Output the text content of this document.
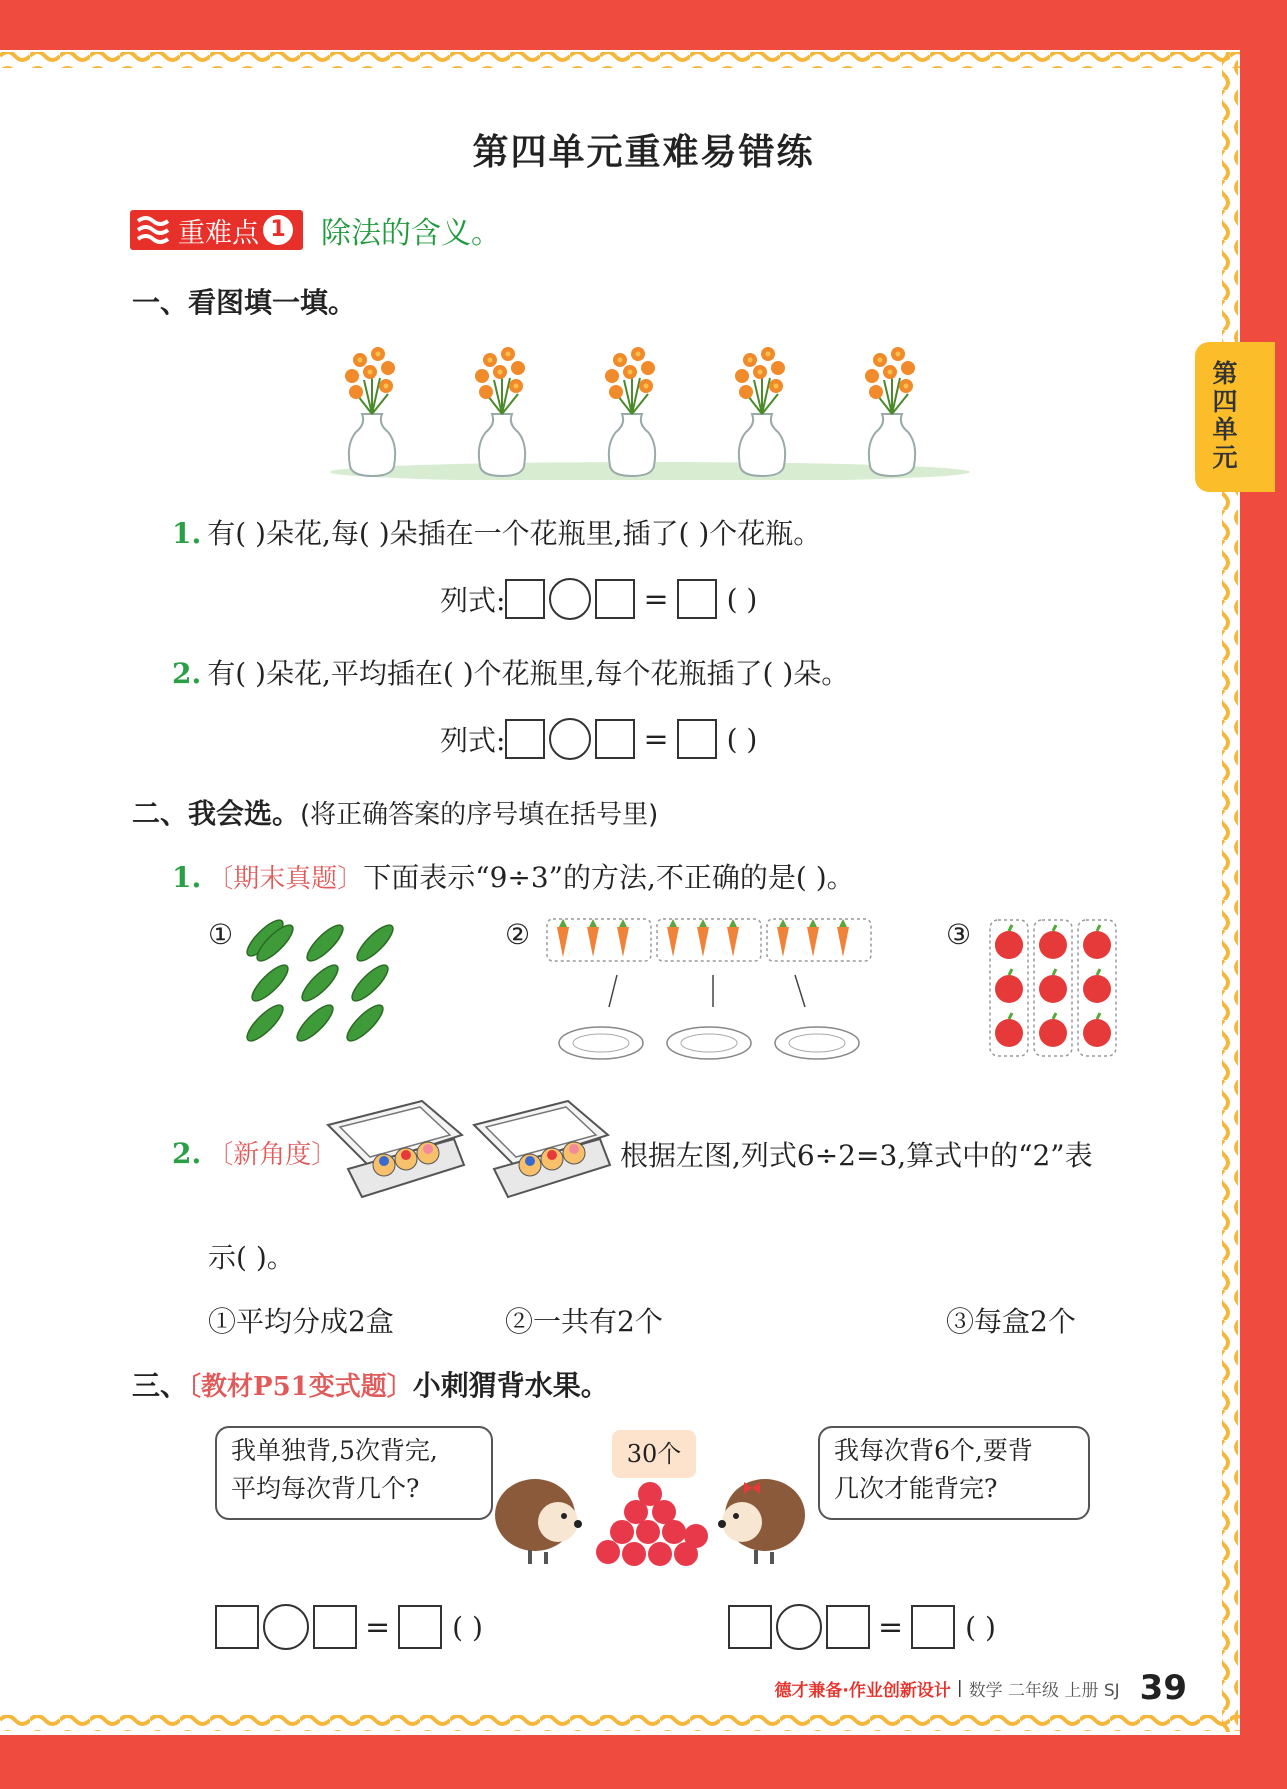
第四单元
第四单元重难易错练
重难点 1 除法的含义。
一、看图填一填。
1. 有( )朵花,每( )朵插在一个花瓶里,插了( )个花瓶。
列式:	= ( )
2. 有( )朵花,平均插在( )个花瓶里,每个花瓶插了( )朵。
列式:	= ( )
二、我会选。(将正确答案的序号填在括号里)
1. 〔期末真题〕下面表示“9÷3”的方法,不正确的是( )。
①	②	③
2. 〔新角度〕	根据左图,列式6÷2=3,算式中的“2”表
示( )。
①平均分成2盒	②一共有2个	③每盒2个
三、〔教材P51变式题〕小刺猬背水果。
我单独背,5次背完,
平均每次背几个?
我每次背6个,要背
几次才能背完?
30个
= ( )	= ( )
德才兼备·作业创新设计 | 数学 二年级 上册 SJ 39
